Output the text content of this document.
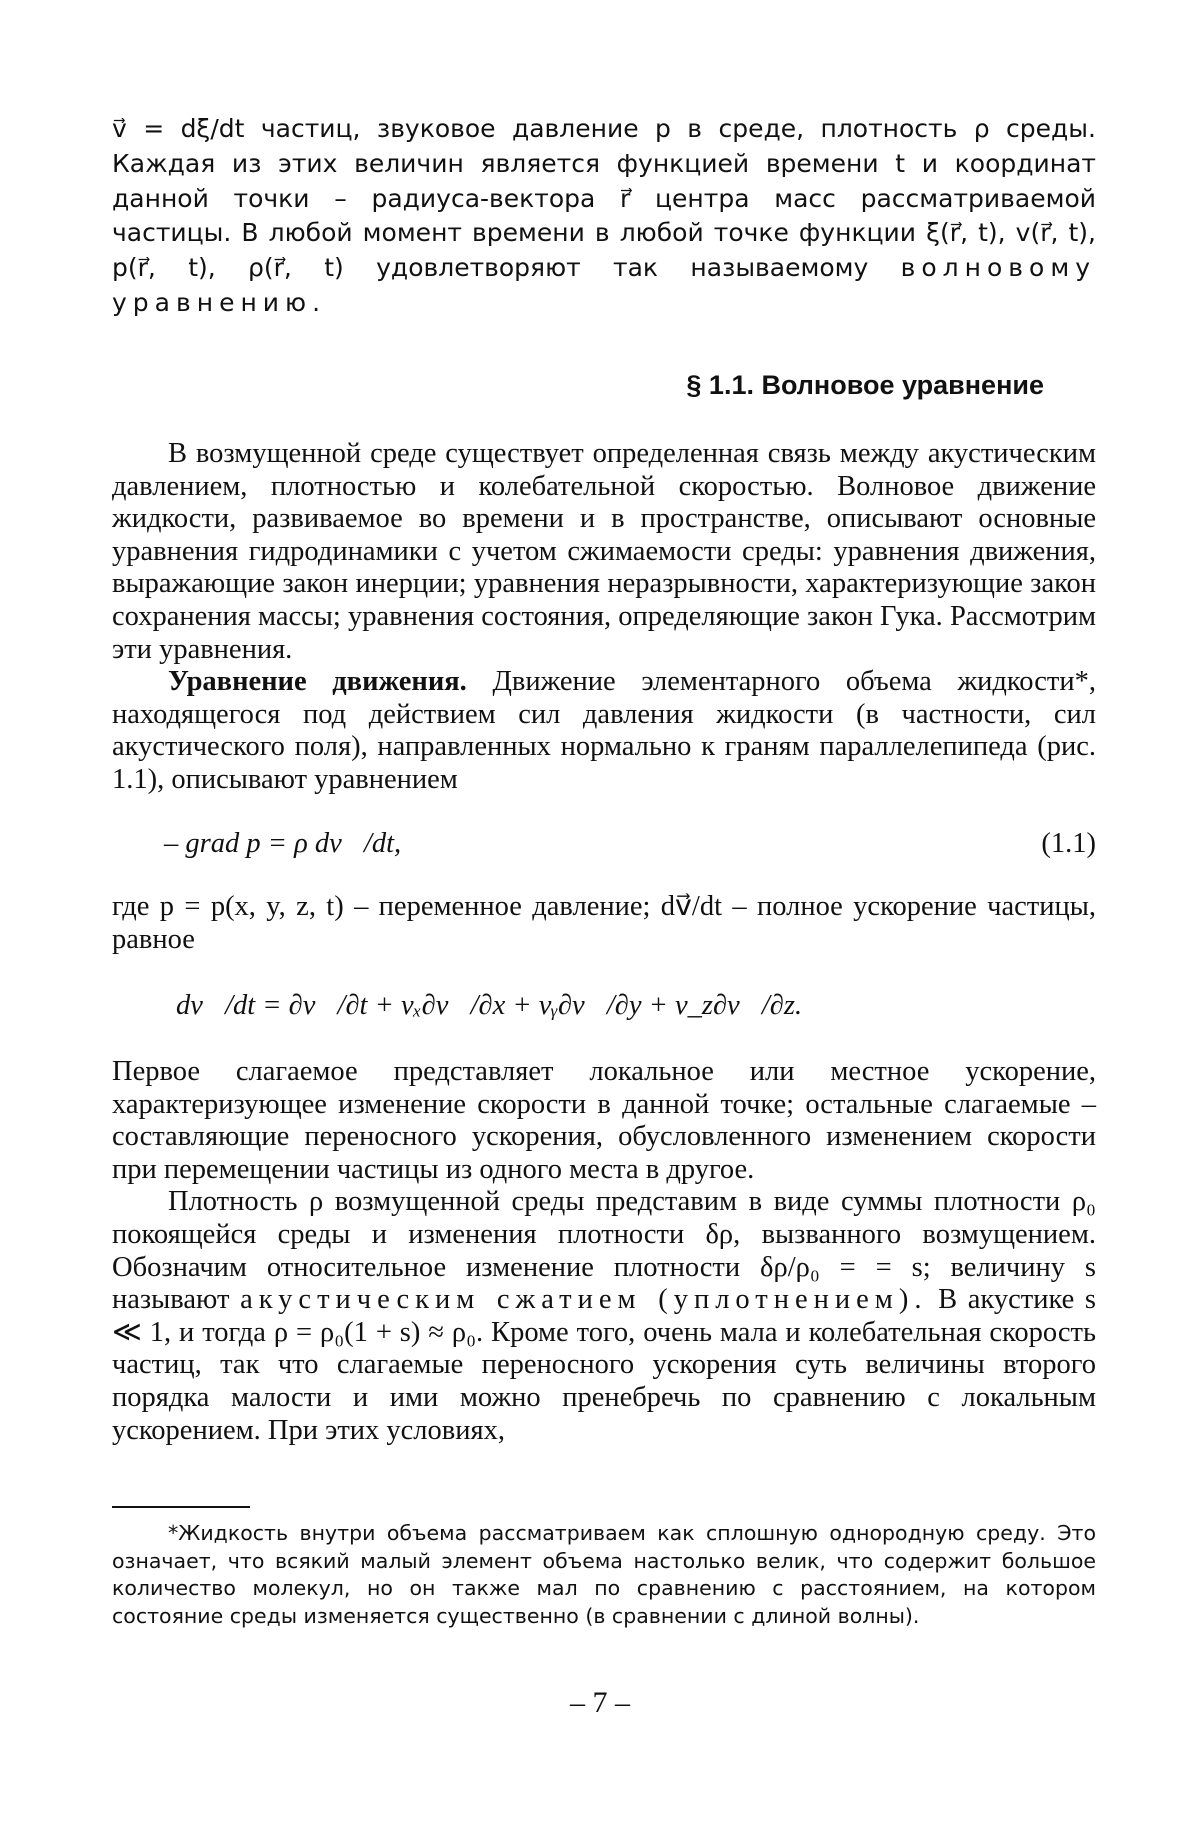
v⃗ = dξ/dt частиц, звуковое давление p в среде, плотность ρ среды. Каждая из этих величин является функцией времени t и координат данной точки – радиуса-вектора r⃗ центра масс рассматриваемой частицы. В любой момент времени в любой точке функции ξ(r⃗, t), v(r⃗, t), p(r⃗, t), ρ(r⃗, t) удовлетворяют так называемому волновому уравнению.

§ 1.1. Волновое уравнение

В возмущенной среде существует определенная связь между акустическим давлением, плотностью и колебательной скоростью. Волновое движение жидкости, развиваемое во времени и в пространстве, описывают основные уравнения гидродинамики с учетом сжимаемости среды: уравнения движения, выражающие закон инерции; уравнения неразрывности, характеризующие закон сохранения массы; уравнения состояния, определяющие закон Гука. Рассмотрим эти уравнения.

Уравнение движения. Движение элементарного объема жидкости*, находящегося под действием сил давления жидкости (в частности, сил акустического поля), направленных нормально к граням параллелепипеда (рис. 1.1), описывают уравнением

– grad p = ρ dv⃗/dt,	(1.1)

где p = p(x, y, z, t) – переменное давление; dv⃗/dt – полное ускорение частицы, равное

dv⃗/dt = ∂v⃗/∂t + vₓ∂v⃗/∂x + vᵧ∂v⃗/∂y + v_z∂v⃗/∂z.

Первое слагаемое представляет локальное или местное ускорение, характеризующее изменение скорости в данной точке; остальные слагаемые – составляющие переносного ускорения, обусловленного изменением скорости при перемещении частицы из одного места в другое.

Плотность ρ возмущенной среды представим в виде суммы плотности ρ₀ покоящейся среды и изменения плотности δρ, вызванного возмущением. Обозначим относительное изменение плотности δρ/ρ₀ = = s; величину s называют акустическим сжатием (уплотнением). В акустике s ≪ 1, и тогда ρ = ρ₀(1 + s) ≈ ρ₀. Кроме того, очень мала и колебательная скорость частиц, так что слагаемые переносного ускорения суть величины второго порядка малости и ими можно пренебречь по сравнению с локальным ускорением. При этих условиях,

*Жидкость внутри объема рассматриваем как сплошную однородную среду. Это означает, что всякий малый элемент объема настолько велик, что содержит большое количество молекул, но он также мал по сравнению с расстоянием, на котором состояние среды изменяется существенно (в сравнении с длиной волны).

– 7 –
